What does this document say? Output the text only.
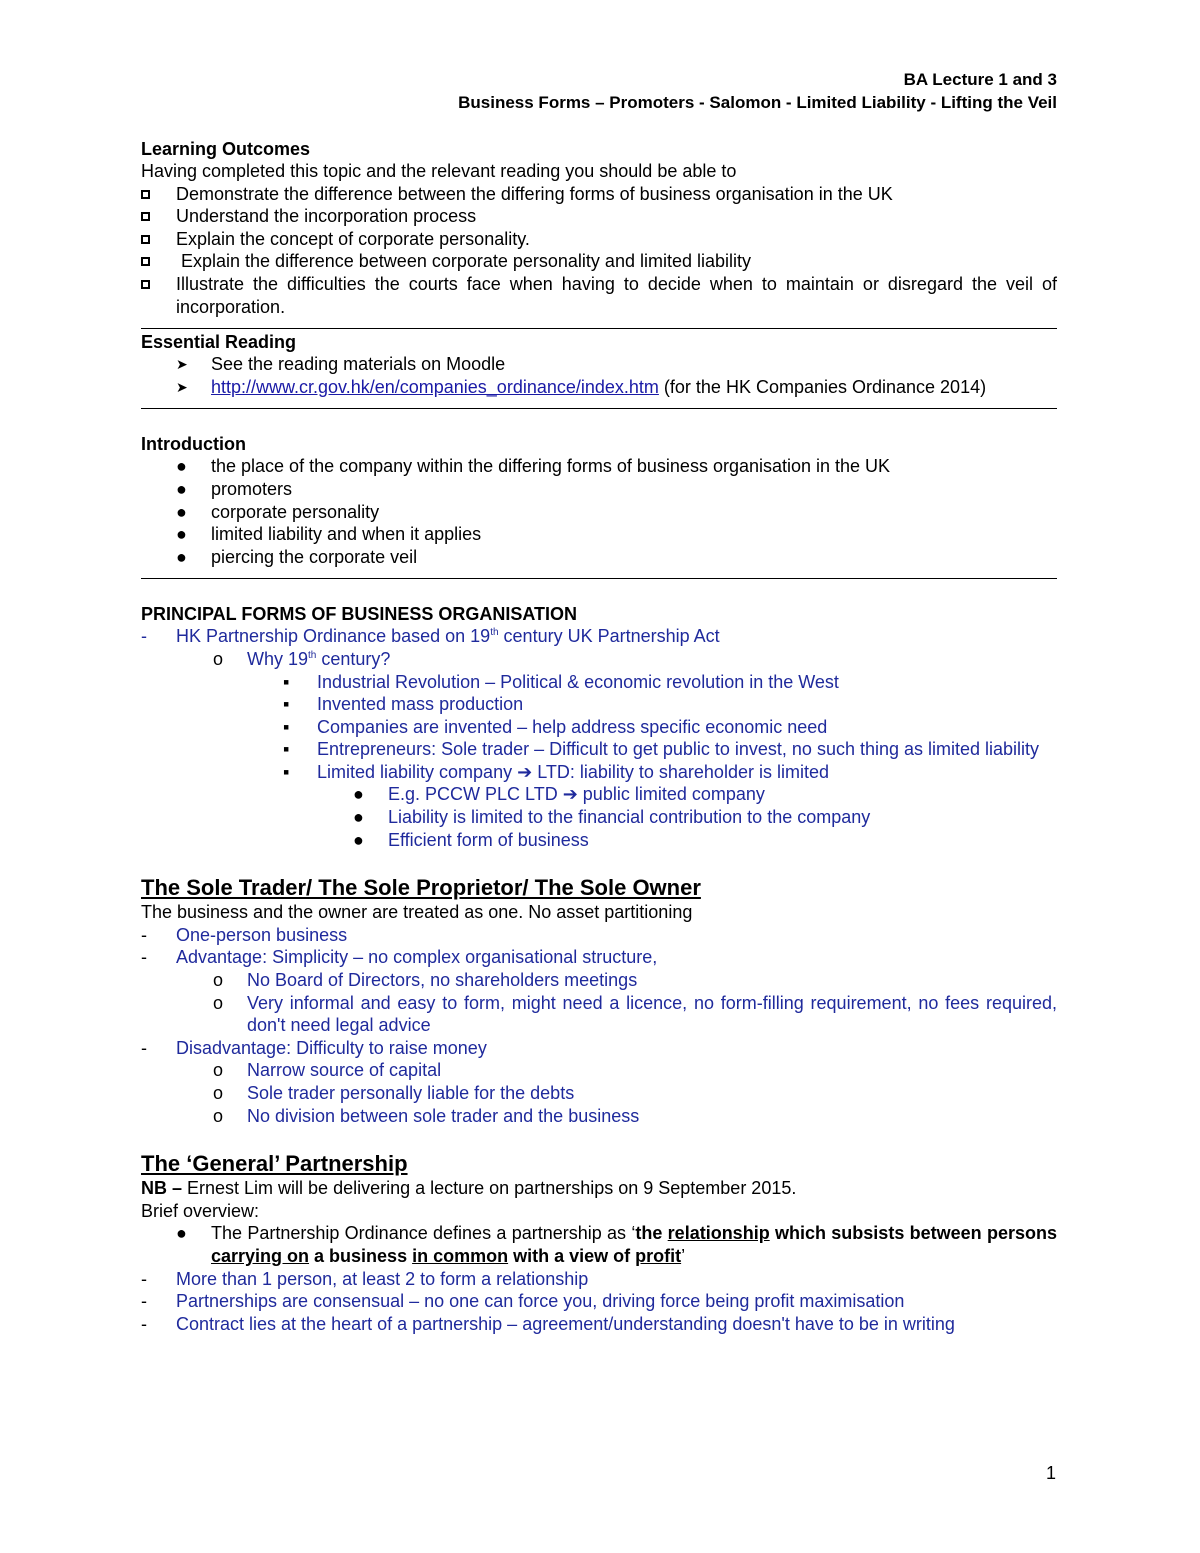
BA Lecture 1 and 3
Business Forms – Promoters - Salomon - Limited Liability - Lifting the Veil
Learning Outcomes
Having completed this topic and the relevant reading you should be able to
Demonstrate the difference between the differing forms of business organisation in the UK
Understand the incorporation process
Explain the concept of corporate personality.
Explain the difference between corporate personality and limited liability
Illustrate the difficulties the courts face when having to decide when to maintain or disregard the veil of incorporation.
Essential Reading
➤	See the reading materials on Moodle
➤	http://www.cr.gov.hk/en/companies_ordinance/index.htm (for the HK Companies Ordinance 2014)
Introduction
●	the place of the company within the differing forms of business organisation in the UK
●	promoters
●	corporate personality
●	limited liability and when it applies
●	piercing the corporate veil
PRINCIPAL FORMS OF BUSINESS ORGANISATION
-	HK Partnership Ordinance based on 19th century UK Partnership Act
o	Why 19th century?
▪	Industrial Revolution – Political & economic revolution in the West
▪	Invented mass production
▪	Companies are invented – help address specific economic need
▪	Entrepreneurs: Sole trader – Difficult to get public to invest, no such thing as limited liability
▪	Limited liability company ➔ LTD: liability to shareholder is limited
●	E.g. PCCW PLC LTD ➔ public limited company
●	Liability is limited to the financial contribution to the company
●	Efficient form of business
The Sole Trader/ The Sole Proprietor/ The Sole Owner
The business and the owner are treated as one. No asset partitioning
-	One-person business
-	Advantage: Simplicity – no complex organisational structure,
o	No Board of Directors, no shareholders meetings
o	Very informal and easy to form, might need a licence, no form-filling requirement, no fees required, don't need legal advice
-	Disadvantage: Difficulty to raise money
o	Narrow source of capital
o	Sole trader personally liable for the debts
o	No division between sole trader and the business
The ‘General’ Partnership
NB – Ernest Lim will be delivering a lecture on partnerships on 9 September 2015.
Brief overview:
●	The Partnership Ordinance defines a partnership as ‘the relationship which subsists between persons carrying on a business in common with a view of profit’
-	More than 1 person, at least 2 to form a relationship
-	Partnerships are consensual – no one can force you, driving force being profit maximisation
-	Contract lies at the heart of a partnership – agreement/understanding doesn't have to be in writing
1
